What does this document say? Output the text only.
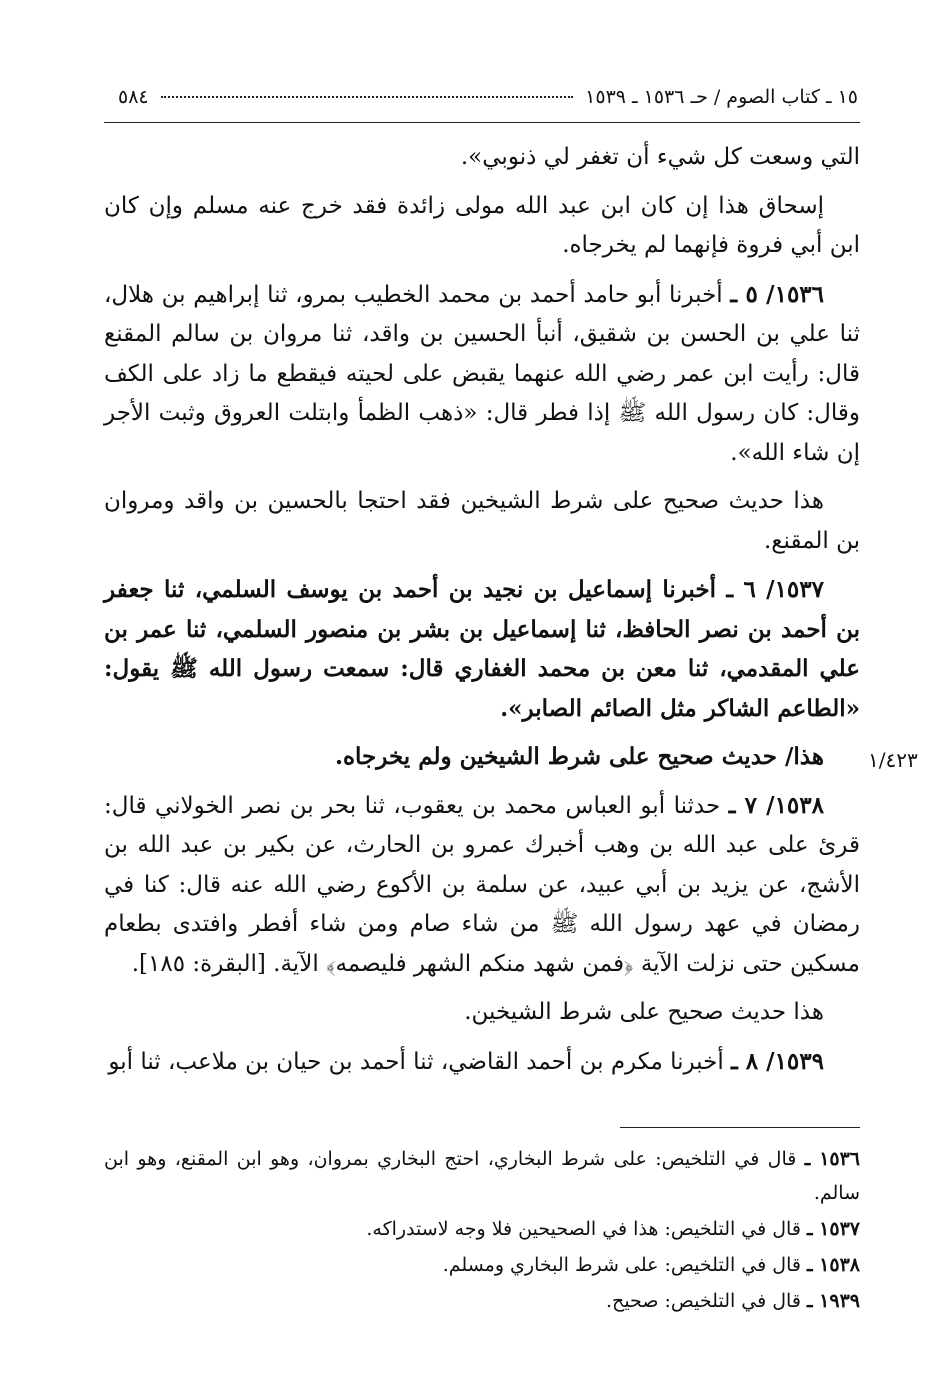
٥٨٤	١٥ ـ كتاب الصوم / حـ ١٥٣٦ ـ ١٥٣٩

التي وسعت كل شيء أن تغفر لي ذنوبي».

إسحاق هذا إن كان ابن عبد الله مولى زائدة فقد خرج عنه مسلم وإن كان ابن أبي فروة فإنهما لم يخرجاه.

١٥٣٦/ ٥ ـ أخبرنا أبو حامد أحمد بن محمد الخطيب بمرو، ثنا إبراهيم بن هلال، ثنا علي بن الحسن بن شقيق، أنبأ الحسين بن واقد، ثنا مروان بن سالم المقنع قال: رأيت ابن عمر رضي الله عنهما يقبض على لحيته فيقطع ما زاد على الكف وقال: كان رسول الله ﷺ إذا فطر قال: «ذهب الظمأ وابتلت العروق وثبت الأجر إن شاء الله».

هذا حديث صحيح على شرط الشيخين فقد احتجا بالحسين بن واقد ومروان بن المقنع.

١٥٣٧/ ٦ ـ أخبرنا إسماعيل بن نجيد بن أحمد بن يوسف السلمي، ثنا جعفر بن أحمد بن نصر الحافظ، ثنا إسماعيل بن بشر بن منصور السلمي، ثنا عمر بن علي المقدمي، ثنا معن بن محمد الغفاري قال: سمعت رسول الله ﷺ يقول: «الطاعم الشاكر مثل الصائم الصابر».

هذا/ حديث صحيح على شرط الشيخين ولم يخرجاه.

١٥٣٨/ ٧ ـ حدثنا أبو العباس محمد بن يعقوب، ثنا بحر بن نصر الخولاني قال: قرئ على عبد الله بن وهب أخبرك عمرو بن الحارث، عن بكير بن عبد الله بن الأشج، عن يزيد بن أبي عبيد، عن سلمة بن الأكوع رضي الله عنه قال: كنا في رمضان في عهد رسول الله ﷺ من شاء صام ومن شاء أفطر وافتدى بطعام مسكين حتى نزلت الآية ﴿فمن شهد منكم الشهر فليصمه﴾ الآية. [البقرة: ١٨٥].

هذا حديث صحيح على شرط الشيخين.

١٥٣٩/ ٨ ـ أخبرنا مكرم بن أحمد القاضي، ثنا أحمد بن حيان بن ملاعب، ثنا أبو

١/٤٢٣

١٥٣٦ ـ قال في التلخيص: على شرط البخاري، احتج البخاري بمروان، وهو ابن المقنع، وهو ابن سالم.

١٥٣٧ ـ قال في التلخيص: هذا في الصحيحين فلا وجه لاستدراكه.

١٥٣٨ ـ قال في التلخيص: على شرط البخاري ومسلم.

١٩٣٩ ـ قال في التلخيص: صحيح.
